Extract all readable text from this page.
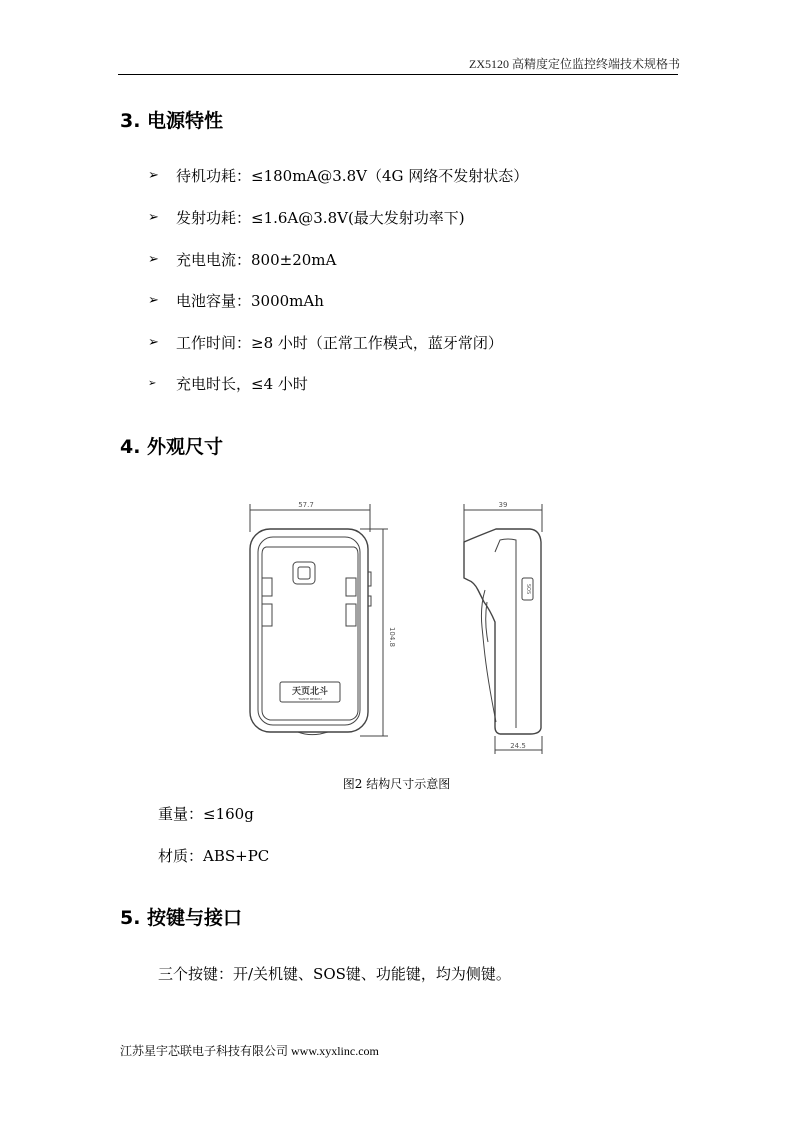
ZX5120 高精度定位监控终端技术规格书
3. 电源特性
➢	待机功耗：≤180mA@3.8V（4G 网络不发射状态）
➢	发射功耗：≤1.6A@3.8V(最大发射功率下)
➢	充电电流：800±20mA
➢	电池容量：3000mAh
➢	工作时间：≥8 小时（正常工作模式，蓝牙常闭）
➢	充电时长，≤4 小时
4. 外观尺寸
57.7
104.8
39
24.5
SOS
天页北斗
TIANYE BEIDOU
图2 结构尺寸示意图
重量：≤160g
材质：ABS+PC
5. 按键与接口
三个按键：开/关机键、SOS键、功能键，均为侧键。
江苏星宇芯联电子科技有限公司 www.xyxlinc.com
